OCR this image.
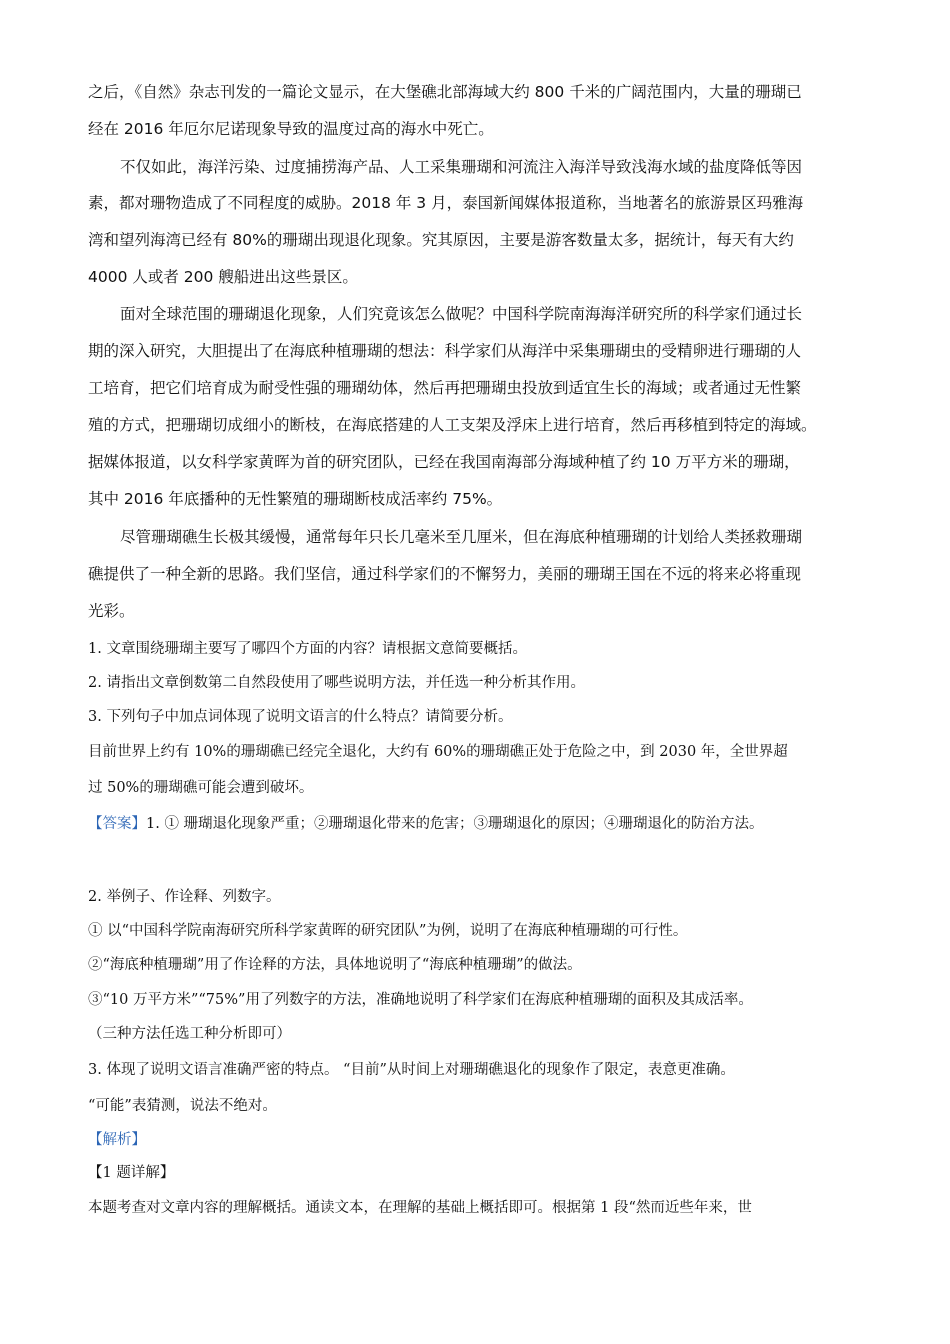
之后，《自然》杂志刊发的一篇论文显示，在大堡礁北部海域大约 800 千米的广阔范围内，大量的珊瑚已
经在 2016 年厄尔尼诺现象导致的温度过高的海水中死亡。
不仅如此，海洋污染、过度捕捞海产品、人工采集珊瑚和河流注入海洋导致浅海水域的盐度降低等因
素，都对珊物造成了不同程度的威胁。2018 年 3 月，泰国新闻媒体报道称，当地著名的旅游景区玛雅海
湾和望列海湾已经有 80%的珊瑚出现退化现象。究其原因，主要是游客数量太多，据统计，每天有大约
4000 人或者 200 艘船进出这些景区。
面对全球范围的珊瑚退化现象，人们究竟该怎么做呢？中国科学院南海海洋研究所的科学家们通过长
期的深入研究，大胆提出了在海底种植珊瑚的想法：科学家们从海洋中采集珊瑚虫的受精卵进行珊瑚的人
工培育，把它们培育成为耐受性强的珊瑚幼体，然后再把珊瑚虫投放到适宜生长的海域；或者通过无性繁
殖的方式，把珊瑚切成细小的断枝，在海底搭建的人工支架及浮床上进行培育，然后再移植到特定的海域。
据媒体报道，以女科学家黄晖为首的研究团队，已经在我国南海部分海域种植了约 10 万平方米的珊瑚，
其中 2016 年底播种的无性繁殖的珊瑚断枝成活率约 75%。
尽管珊瑚礁生长极其缓慢，通常每年只长几毫米至几厘米，但在海底种植珊瑚的计划给人类拯救珊瑚
礁提供了一种全新的思路。我们坚信，通过科学家们的不懈努力，美丽的珊瑚王国在不远的将来必将重现
光彩。
1. 文章围绕珊瑚主要写了哪四个方面的内容？请根据文意简要概括。
2. 请指出文章倒数第二自然段使用了哪些说明方法，并任选一种分析其作用。
3. 下列句子中加点词体现了说明文语言的什么特点？请简要分析。
目前世界上约有 10%的珊瑚礁已经完全退化，大约有 60%的珊瑚礁正处于危险之中，到 2030 年，全世界超
过 50%的珊瑚礁可能会遭到破坏。
【答案】1. ① 珊瑚退化现象严重；②珊瑚退化带来的危害；③珊瑚退化的原因；④珊瑚退化的防治方法。
2. 举例子、作诠释、列数字。
① 以“中国科学院南海研究所科学家黄晖的研究团队”为例，说明了在海底种植珊瑚的可行性。
②“海底种植珊瑚”用了作诠释的方法，具体地说明了“海底种植珊瑚”的做法。
③“10 万平方米”“75%”用了列数字的方法，准确地说明了科学家们在海底种植珊瑚的面积及其成活率。
（三种方法任选工种分析即可）
3. 体现了说明文语言准确严密的特点。 “目前”从时间上对珊瑚礁退化的现象作了限定，表意更准确。
“可能”表猜测，说法不绝对。
【解析】
【1 题详解】
本题考查对文章内容的理解概括。通读文本，在理解的基础上概括即可。根据第 1 段“然而近些年来，世
